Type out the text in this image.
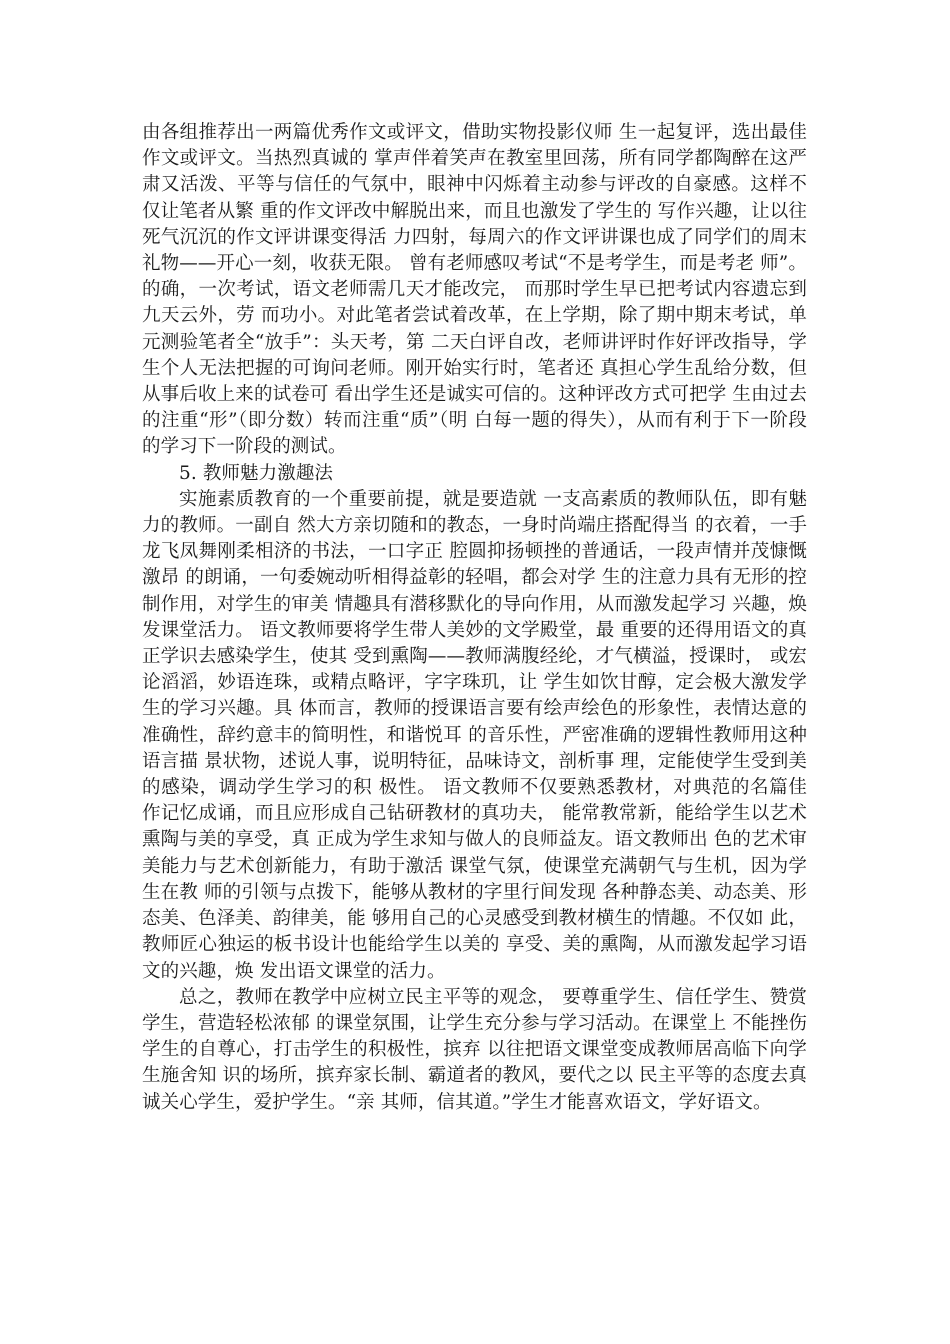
由各组推荐出一两篇优秀作文或评文，借助实物投影仪师 生一起复评，选出最佳作文或评文。当热烈真诚的 掌声伴着笑声在教室里回荡，所有同学都陶醉在这严肃又活泼、平等与信任的气氛中，眼神中闪烁着主动参与评改的自豪感。这样不仅让笔者从繁 重的作文评改中解脱出来，而且也激发了学生的 写作兴趣，让以往死气沉沉的作文评讲课变得活 力四射，每周六的作文评讲课也成了同学们的周末礼物——开心一刻，收获无限。 曾有老师感叹考试“不是考学生，而是考老 师”。的确，一次考试，语文老师需几天才能改完， 而那时学生早已把考试内容遗忘到九天云外，劳 而功小。对此笔者尝试着改革，在上学期，除了期中期末考试，单元测验笔者全“放手”：头天考，第 二天白评自改，老师讲评时作好评改指导，学生个人无法把握的可询问老师。刚开始实行时，笔者还 真担心学生乱给分数，但从事后收上来的试卷可 看出学生还是诚实可信的。这种评改方式可把学 生由过去的注重“形”（即分数）转而注重“质”（明 白每一题的得失），从而有利于下一阶段的学习下一阶段的测试。

5. 教师魅力激趣法

实施素质教育的一个重要前提，就是要造就 一支高素质的教师队伍，即有魅力的教师。一副自 然大方亲切随和的教态，一身时尚端庄搭配得当 的衣着，一手龙飞凤舞刚柔相济的书法，一口字正 腔圆抑扬顿挫的普通话，一段声情并茂慷慨激昂 的朗诵，一句委婉动听相得益彰的轻唱，都会对学 生的注意力具有无形的控制作用，对学生的审美 情趣具有潜移默化的导向作用，从而激发起学习 兴趣，焕发课堂活力。 语文教师要将学生带人美妙的文学殿堂，最 重要的还得用语文的真正学识去感染学生，使其 受到熏陶——教师满腹经纶，才气横溢，授课时， 或宏论滔滔，妙语连珠，或精点略评，字字珠玑，让 学生如饮甘醇，定会极大激发学生的学习兴趣。具 体而言，教师的授课语言要有绘声绘色的形象性，表情达意的准确性，辞约意丰的简明性，和谐悦耳 的音乐性，严密准确的逻辑性教师用这种语言描 景状物，述说人事，说明特征，品味诗文，剖析事 理，定能使学生受到美的感染，调动学生学习的积 极性。 语文教师不仅要熟悉教材，对典范的名篇佳 作记忆成诵，而且应形成自己钻研教材的真功夫， 能常教常新，能给学生以艺术熏陶与美的享受，真 正成为学生求知与做人的良师益友。语文教师出 色的艺术审美能力与艺术创新能力，有助于激活 课堂气氛，使课堂充满朝气与生机，因为学生在教 师的引领与点拨下，能够从教材的字里行间发现 各种静态美、动态美、形态美、色泽美、韵律美，能 够用自己的心灵感受到教材横生的情趣。不仅如 此，教师匠心独运的板书设计也能给学生以美的 享受、美的熏陶，从而激发起学习语文的兴趣，焕 发出语文课堂的活力。

总之，教师在教学中应树立民主平等的观念， 要尊重学生、信任学生、赞赏学生，营造轻松浓郁 的课堂氛围，让学生充分参与学习活动。在课堂上 不能挫伤学生的自尊心，打击学生的积极性，摈弃 以往把语文课堂变成教师居高临下向学生施舍知 识的场所，摈弃家长制、霸道者的教风，要代之以 民主平等的态度去真诚关心学生，爱护学生。“亲 其师，信其道。”学生才能喜欢语文，学好语文。
